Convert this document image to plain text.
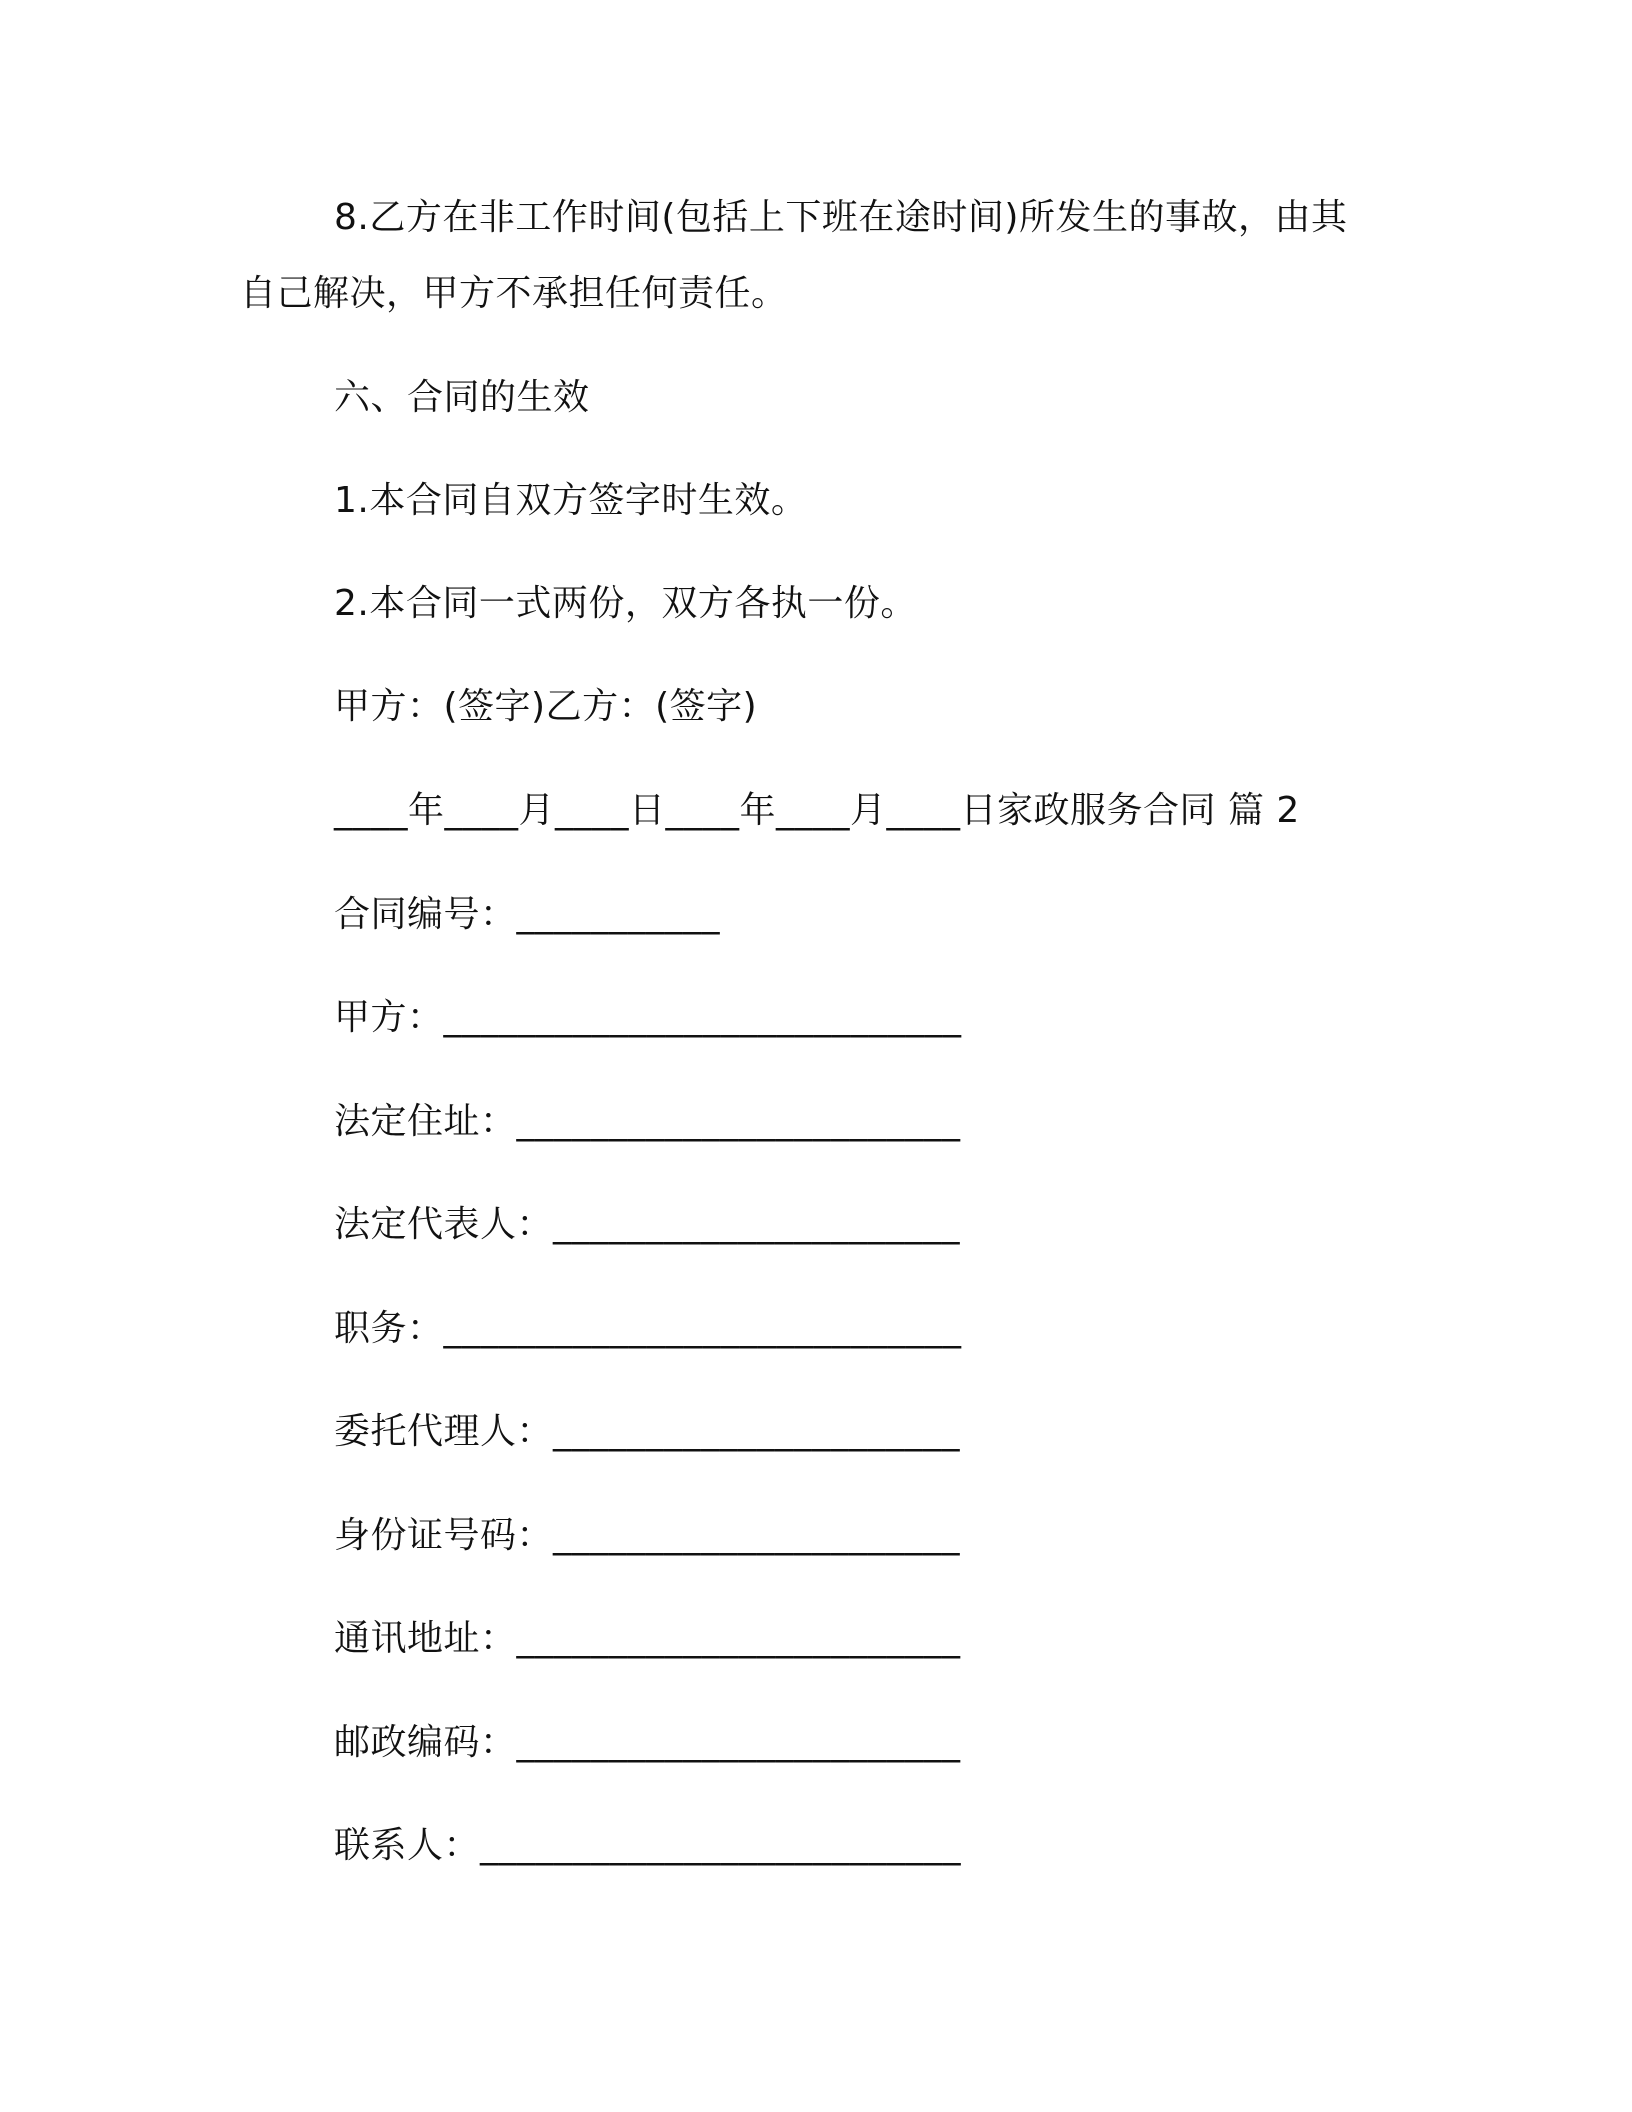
8.乙方在非工作时间(包括上下班在途时间)所发生的事故，由其
自己解决，甲方不承担任何责任。
六、合同的生效
1.本合同自双方签字时生效。
2.本合同一式两份，双方各执一份。
甲方：(签字)乙方：(签字)
____年____月____日____年____月____日家政服务合同 篇 2
合同编号：___________
甲方：____________________________
法定住址：________________________
法定代表人：______________________
职务：____________________________
委托代理人：______________________
身份证号码：______________________
通讯地址：________________________
邮政编码：________________________
联系人：__________________________
